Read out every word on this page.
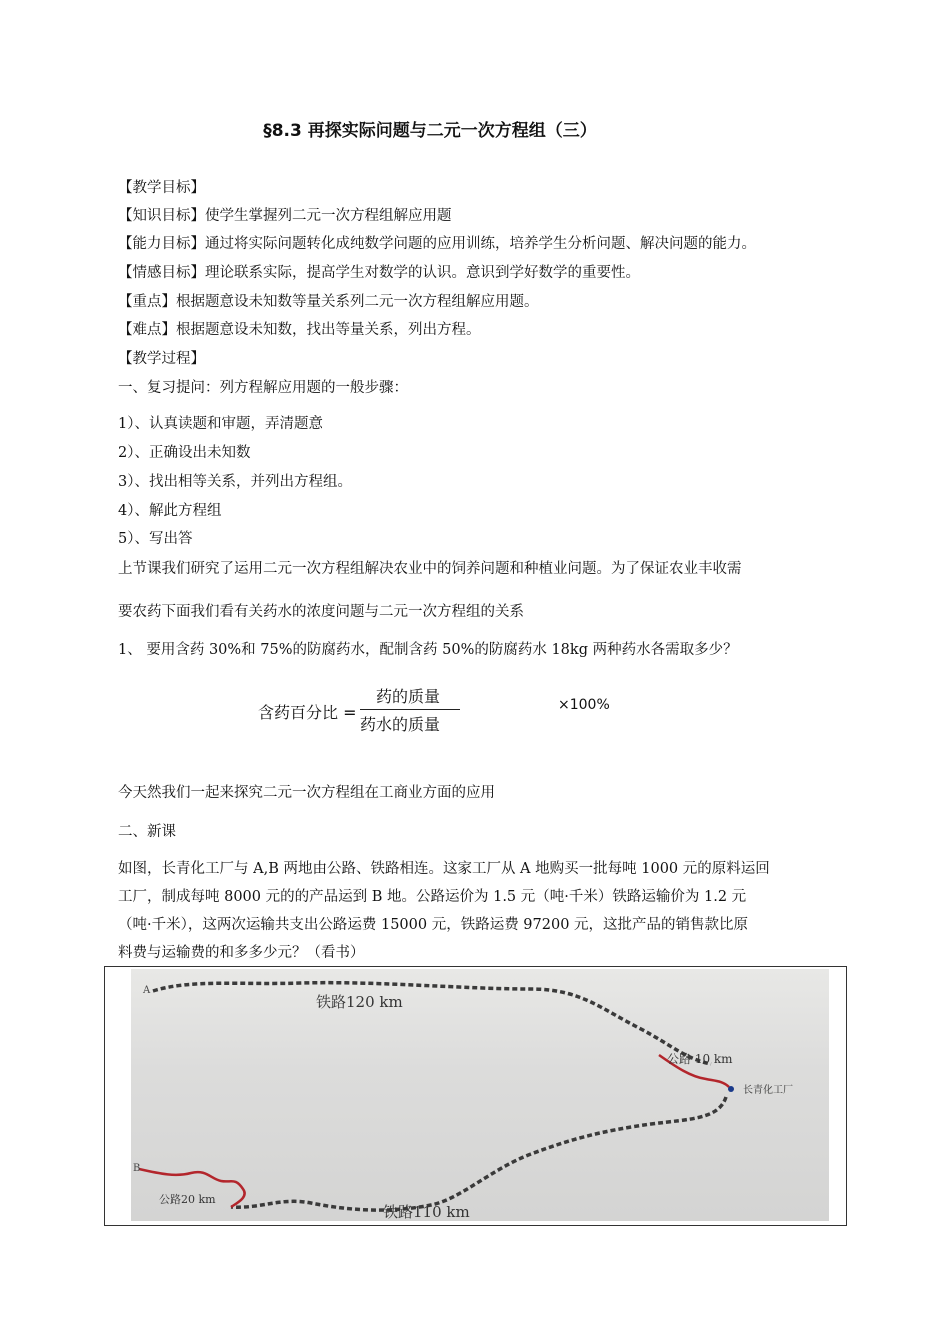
§8.3 再探实际问题与二元一次方程组（三）
【教学目标】
【知识目标】使学生掌握列二元一次方程组解应用题
【能力目标】通过将实际问题转化成纯数学问题的应用训练，培养学生分析问题、解决问题的能力。
【情感目标】理论联系实际，提高学生对数学的认识。意识到学好数学的重要性。
【重点】根据题意设未知数等量关系列二元一次方程组解应用题。
【难点】根据题意设未知数，找出等量关系，列出方程。
【教学过程】
一、复习提问：列方程解应用题的一般步骤：
1）、认真读题和审题，弄清题意
2）、正确设出未知数
3）、找出相等关系，并列出方程组。
4）、解此方程组
5）、写出答
上节课我们研究了运用二元一次方程组解决农业中的饲养问题和种植业问题。为了保证农业丰收需
要农药下面我们看有关药水的浓度问题与二元一次方程组的关系
1、 要用含药 30%和 75%的防腐药水，配制含药 50%的防腐药水 18kg 两种药水各需取多少？
含药百分比 =
药的质量
药水的质量
×100%
今天然我们一起来探究二元一次方程组在工商业方面的应用
二、新课
如图，长青化工厂与 A,B 两地由公路、铁路相连。这家工厂从 A 地购买一批每吨 1000 元的原料运回
工厂，制成每吨 8000 元的的产品运到 B 地。公路运价为 1.5 元（吨·千米）铁路运输价为 1.2 元
（吨·千米），这两次运输共支出公路运费 15000 元，铁路运费 97200 元，这批产品的销售款比原
料费与运输费的和多多少元？（看书）
铁路120 km
公路 10 km
长青化工厂
公路20 km
铁路110 km
A
B
